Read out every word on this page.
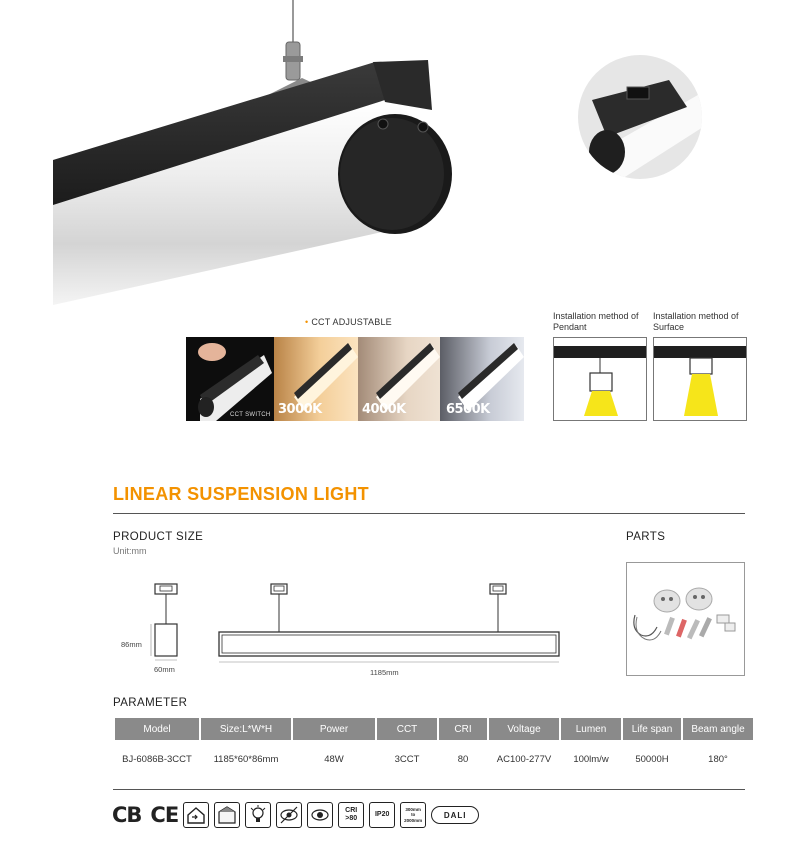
• CCT ADJUSTABLE
CCT SWITCH 3000K	4000K	6500K
Installation method of Pendant
Installation method of Surface
LINEAR SUSPENSION LIGHT
PRODUCT SIZE
Unit:mm
PARTS
86mm
60mm	1185mm
PARAMETER
Model	Size:L*W*H	Power	CCT	CRI	Voltage	Lumen	Life span	Beam angle
BJ-6086B-3CCT	1185*60*86mm	48W	3CCT	80	AC100-277V	100lm/w	50000H	180°
CB CE	CRI
>80
IP20
300mm
to
2000mm
DALI
